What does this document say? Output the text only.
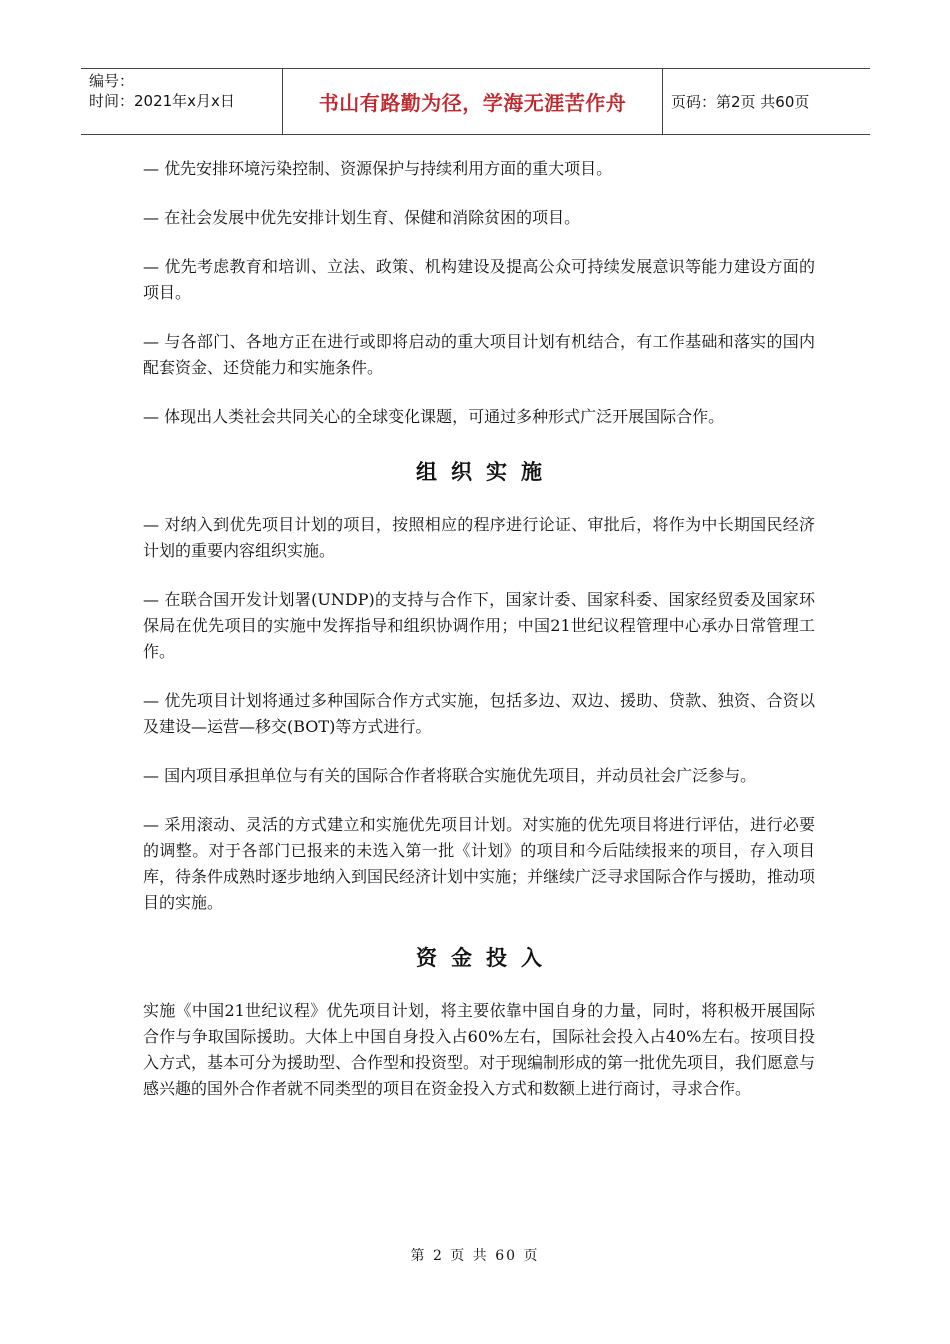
编号：
时间：2021年x月x日	书山有路勤为径，学海无涯苦作舟	页码：第2页 共60页

— 优先安排环境污染控制、资源保护与持续利用方面的重大项目。

— 在社会发展中优先安排计划生育、保健和消除贫困的项目。

— 优先考虑教育和培训、立法、政策、机构建设及提高公众可持续发展意识等能力建设方面的项目。

— 与各部门、各地方正在进行或即将启动的重大项目计划有机结合，有工作基础和落实的国内配套资金、还贷能力和实施条件。

— 体现出人类社会共同关心的全球变化课题，可通过多种形式广泛开展国际合作。

组织实施

— 对纳入到优先项目计划的项目，按照相应的程序进行论证、审批后，将作为中长期国民经济计划的重要内容组织实施。

— 在联合国开发计划署(UNDP)的支持与合作下，国家计委、国家科委、国家经贸委及国家环保局在优先项目的实施中发挥指导和组织协调作用；中国21世纪议程管理中心承办日常管理工作。

— 优先项目计划将通过多种国际合作方式实施，包括多边、双边、援助、贷款、独资、合资以及建设—运营—移交(BOT)等方式进行。

— 国内项目承担单位与有关的国际合作者将联合实施优先项目，并动员社会广泛参与。

— 采用滚动、灵活的方式建立和实施优先项目计划。对实施的优先项目将进行评估，进行必要的调整。对于各部门已报来的未选入第一批《计划》的项目和今后陆续报来的项目，存入项目库，待条件成熟时逐步地纳入到国民经济计划中实施；并继续广泛寻求国际合作与援助，推动项目的实施。

资金投入

实施《中国21世纪议程》优先项目计划，将主要依靠中国自身的力量，同时，将积极开展国际合作与争取国际援助。大体上中国自身投入占60%左右，国际社会投入占40%左右。按项目投入方式，基本可分为援助型、合作型和投资型。对于现编制形成的第一批优先项目，我们愿意与感兴趣的国外合作者就不同类型的项目在资金投入方式和数额上进行商讨，寻求合作。

第 2 页 共 60 页
